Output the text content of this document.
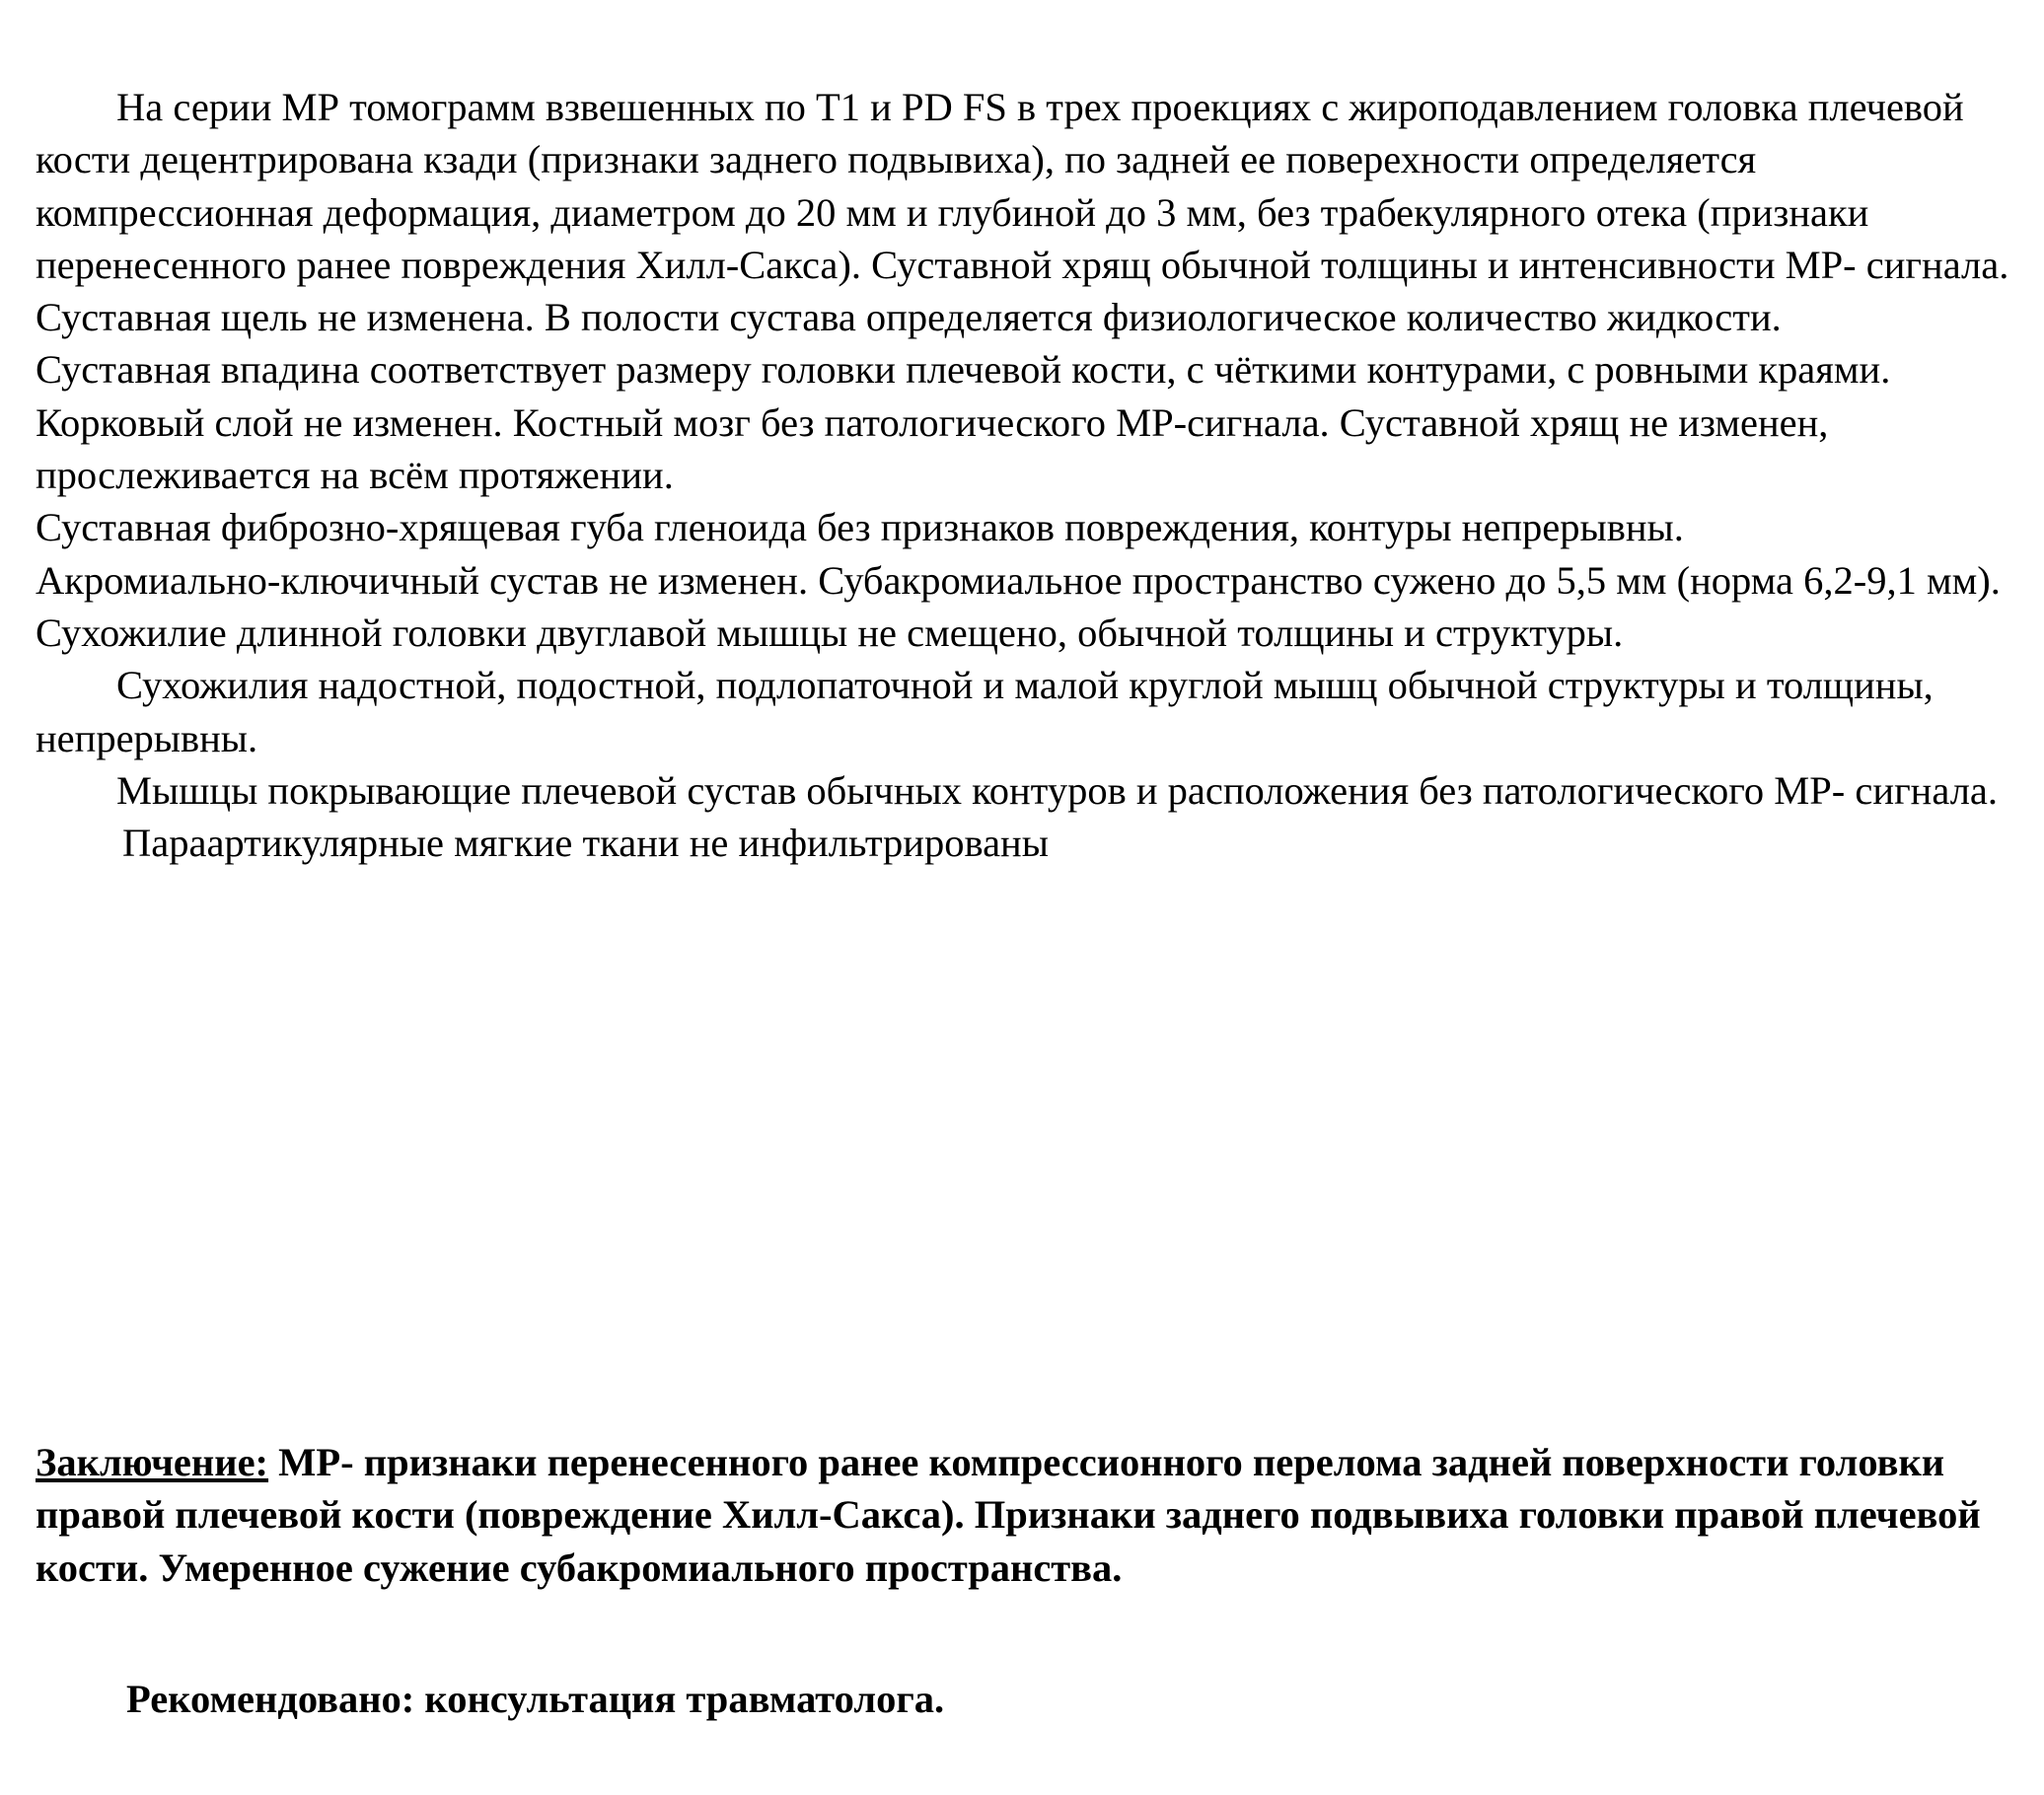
На серии МР томограмм взвешенных по Т1 и PD FS в трех проекциях с жироподавлением головка плечевой кости децентрирована кзади (признаки заднего подвывиха), по задней ее поверехности определяется компрессионная деформация, диаметром до 20 мм и глубиной до 3 мм, без трабекулярного отека (признаки перенесенного ранее повреждения Хилл-Сакса). Суставной хрящ обычной толщины и интенсивности МР- сигнала.

Суставная щель не изменена. В полости сустава определяется физиологическое количество жидкости.

Суставная впадина соответствует размеру головки плечевой кости, с чёткими контурами, с ровными краями. Корковый слой не изменен. Костный мозг без патологического МР-сигнала. Суставной хрящ не изменен, прослеживается на всём протяжении.

Суставная фиброзно-хрящевая губа гленоида без признаков повреждения, контуры непрерывны.

Акромиально-ключичный сустав не изменен. Субакромиальное пространство сужено до 5,5 мм (норма 6,2-9,1 мм).

Сухожилие длинной головки двуглавой мышцы не смещено, обычной толщины и структуры.

Сухожилия надостной, подостной, подлопаточной и малой круглой мышц обычной структуры и толщины, непрерывны.

Мышцы покрывающие плечевой сустав обычных контуров и расположения без патологического МР- сигнала.

Параартикулярные мягкие ткани не инфильтрированы

Заключение: МР- признаки перенесенного ранее компрессионного перелома задней поверхности головки правой плечевой кости (повреждение Хилл-Сакса). Признаки заднего подвывиха головки правой плечевой кости. Умеренное сужение субакромиального пространства.

Рекомендовано: консультация травматолога.
